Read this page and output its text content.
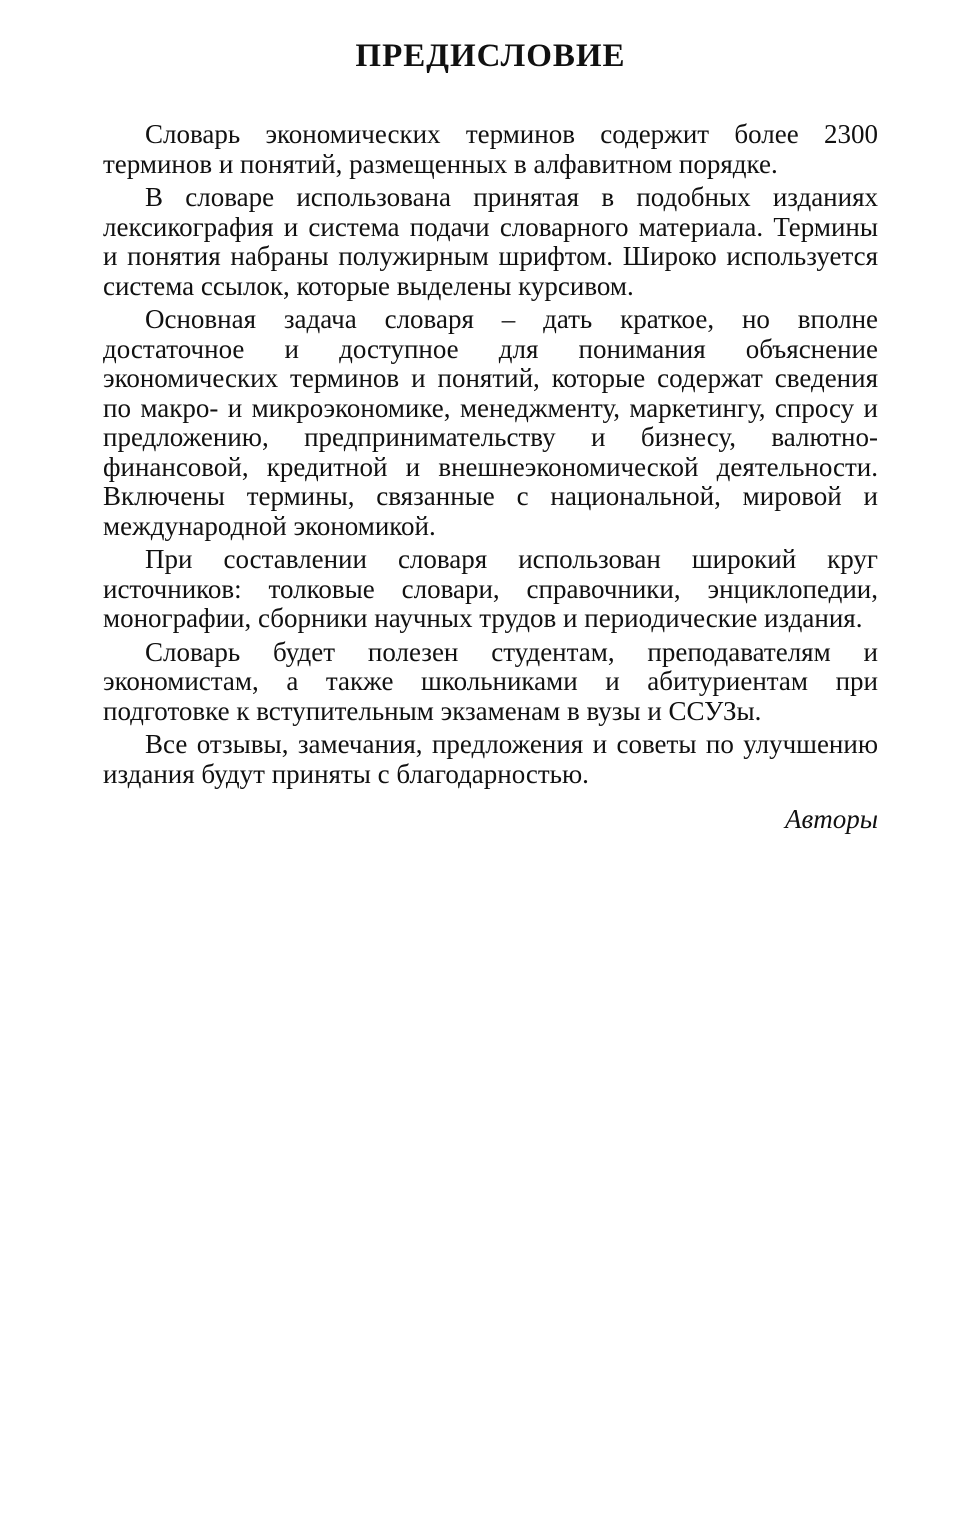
ПРЕДИСЛОВИЕ

Словарь экономических терминов содержит более 2300 терминов и понятий, размещенных в алфавитном порядке.

В словаре использована принятая в подобных изданиях лексикография и система подачи словарного материала. Термины и понятия набраны полужирным шрифтом. Широко используется система ссылок, которые выделены курсивом.

Основная задача словаря – дать краткое, но вполне достаточное и доступное для понимания объяснение экономических терминов и понятий, которые содержат сведения по макро- и микроэкономике, менеджменту, маркетингу, спросу и предложению, предпринимательству и бизнесу, валютно-финансовой, кредитной и внешнеэкономической деятельности. Включены термины, связанные с национальной, мировой и международной экономикой.

При составлении словаря использован широкий круг источников: толковые словари, справочники, энциклопедии, монографии, сборники научных трудов и периодические издания.

Словарь будет полезен студентам, преподавателям и экономистам, а также школьниками и абитуриентам при подготовке к вступительным экзаменам в вузы и ССУЗы.

Все отзывы, замечания, предложения и советы по улучшению издания будут приняты с благодарностью.

Авторы
